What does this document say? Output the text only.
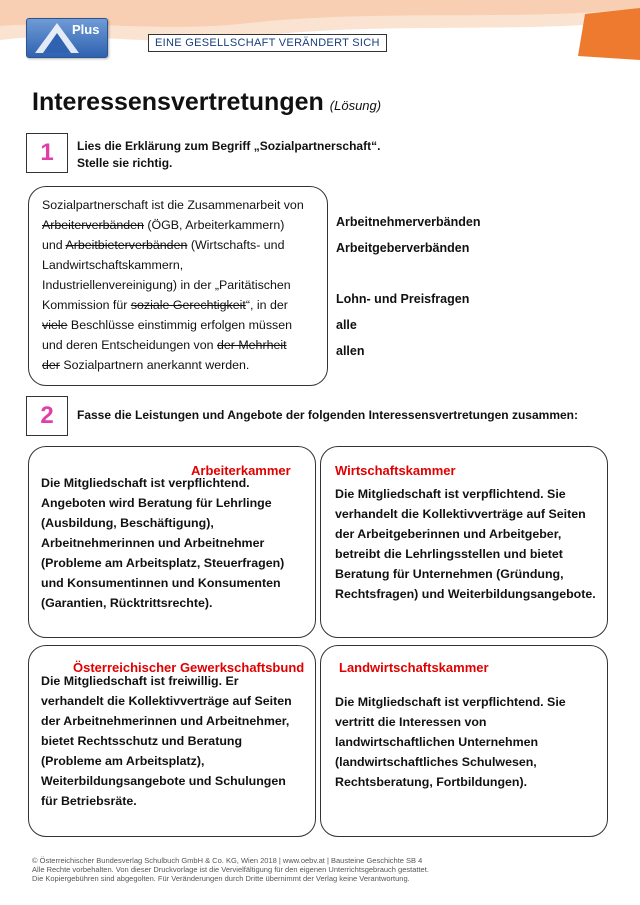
Plus
EINE GESELLSCHAFT VERÄNDERT SICH
Interessensvertretungen (Lösung)
1	Lies die Erklärung zum Begriff „Sozialpartnerschaft“.
Stelle sie richtig.
Sozialpartnerschaft ist die Zusammenarbeit von
Arbeiterverbänden (ÖGB, Arbeiterkammern)
und Arbeitbieterverbänden (Wirtschafts- und
Landwirtschaftskammern,
Industriellenvereinigung) in der „Paritätischen
Kommission für soziale Gerechtigkeit“, in der
viele Beschlüsse einstimmig erfolgen müssen
und deren Entscheidungen von der Mehrheit
der Sozialpartnern anerkannt werden.
Arbeitnehmerverbänden
Arbeitgeberverbänden
Lohn- und Preisfragen
alle
allen
2	Fasse die Leistungen und Angebote der folgenden Interessensvertretungen zusammen:
Arbeiterkammer
Die Mitgliedschaft ist verpflichtend.
Angeboten wird Beratung für Lehrlinge
(Ausbildung, Beschäftigung),
Arbeitnehmerinnen und Arbeitnehmer
(Probleme am Arbeitsplatz, Steuerfragen)
und Konsumentinnen und Konsumenten
(Garantien, Rücktrittsrechte).
Wirtschaftskammer
Die Mitgliedschaft ist verpflichtend. Sie
verhandelt die Kollektivverträge auf Seiten
der Arbeitgeberinnen und Arbeitgeber,
betreibt die Lehrlingsstellen und bietet
Beratung für Unternehmen (Gründung,
Rechtsfragen) und Weiterbildungsangebote.
Österreichischer Gewerkschaftsbund
Die Mitgliedschaft ist freiwillig. Er
verhandelt die Kollektivverträge auf Seiten
der Arbeitnehmerinnen und Arbeitnehmer,
bietet Rechtsschutz und Beratung
(Probleme am Arbeitsplatz),
Weiterbildungsangebote und Schulungen
für Betriebsräte.
Landwirtschaftskammer
Die Mitgliedschaft ist verpflichtend. Sie
vertritt die Interessen von
landwirtschaftlichen Unternehmen
(landwirtschaftliches Schulwesen,
Rechtsberatung, Fortbildungen).
© Österreichischer Bundesverlag Schulbuch GmbH & Co. KG, Wien 2018 | www.oebv.at | Bausteine Geschichte SB 4
Alle Rechte vorbehalten. Von dieser Druckvorlage ist die Vervielfältigung für den eigenen Unterrichtsgebrauch gestattet.
Die Kopiergebühren sind abgegolten. Für Veränderungen durch Dritte übernimmt der Verlag keine Verantwortung.
